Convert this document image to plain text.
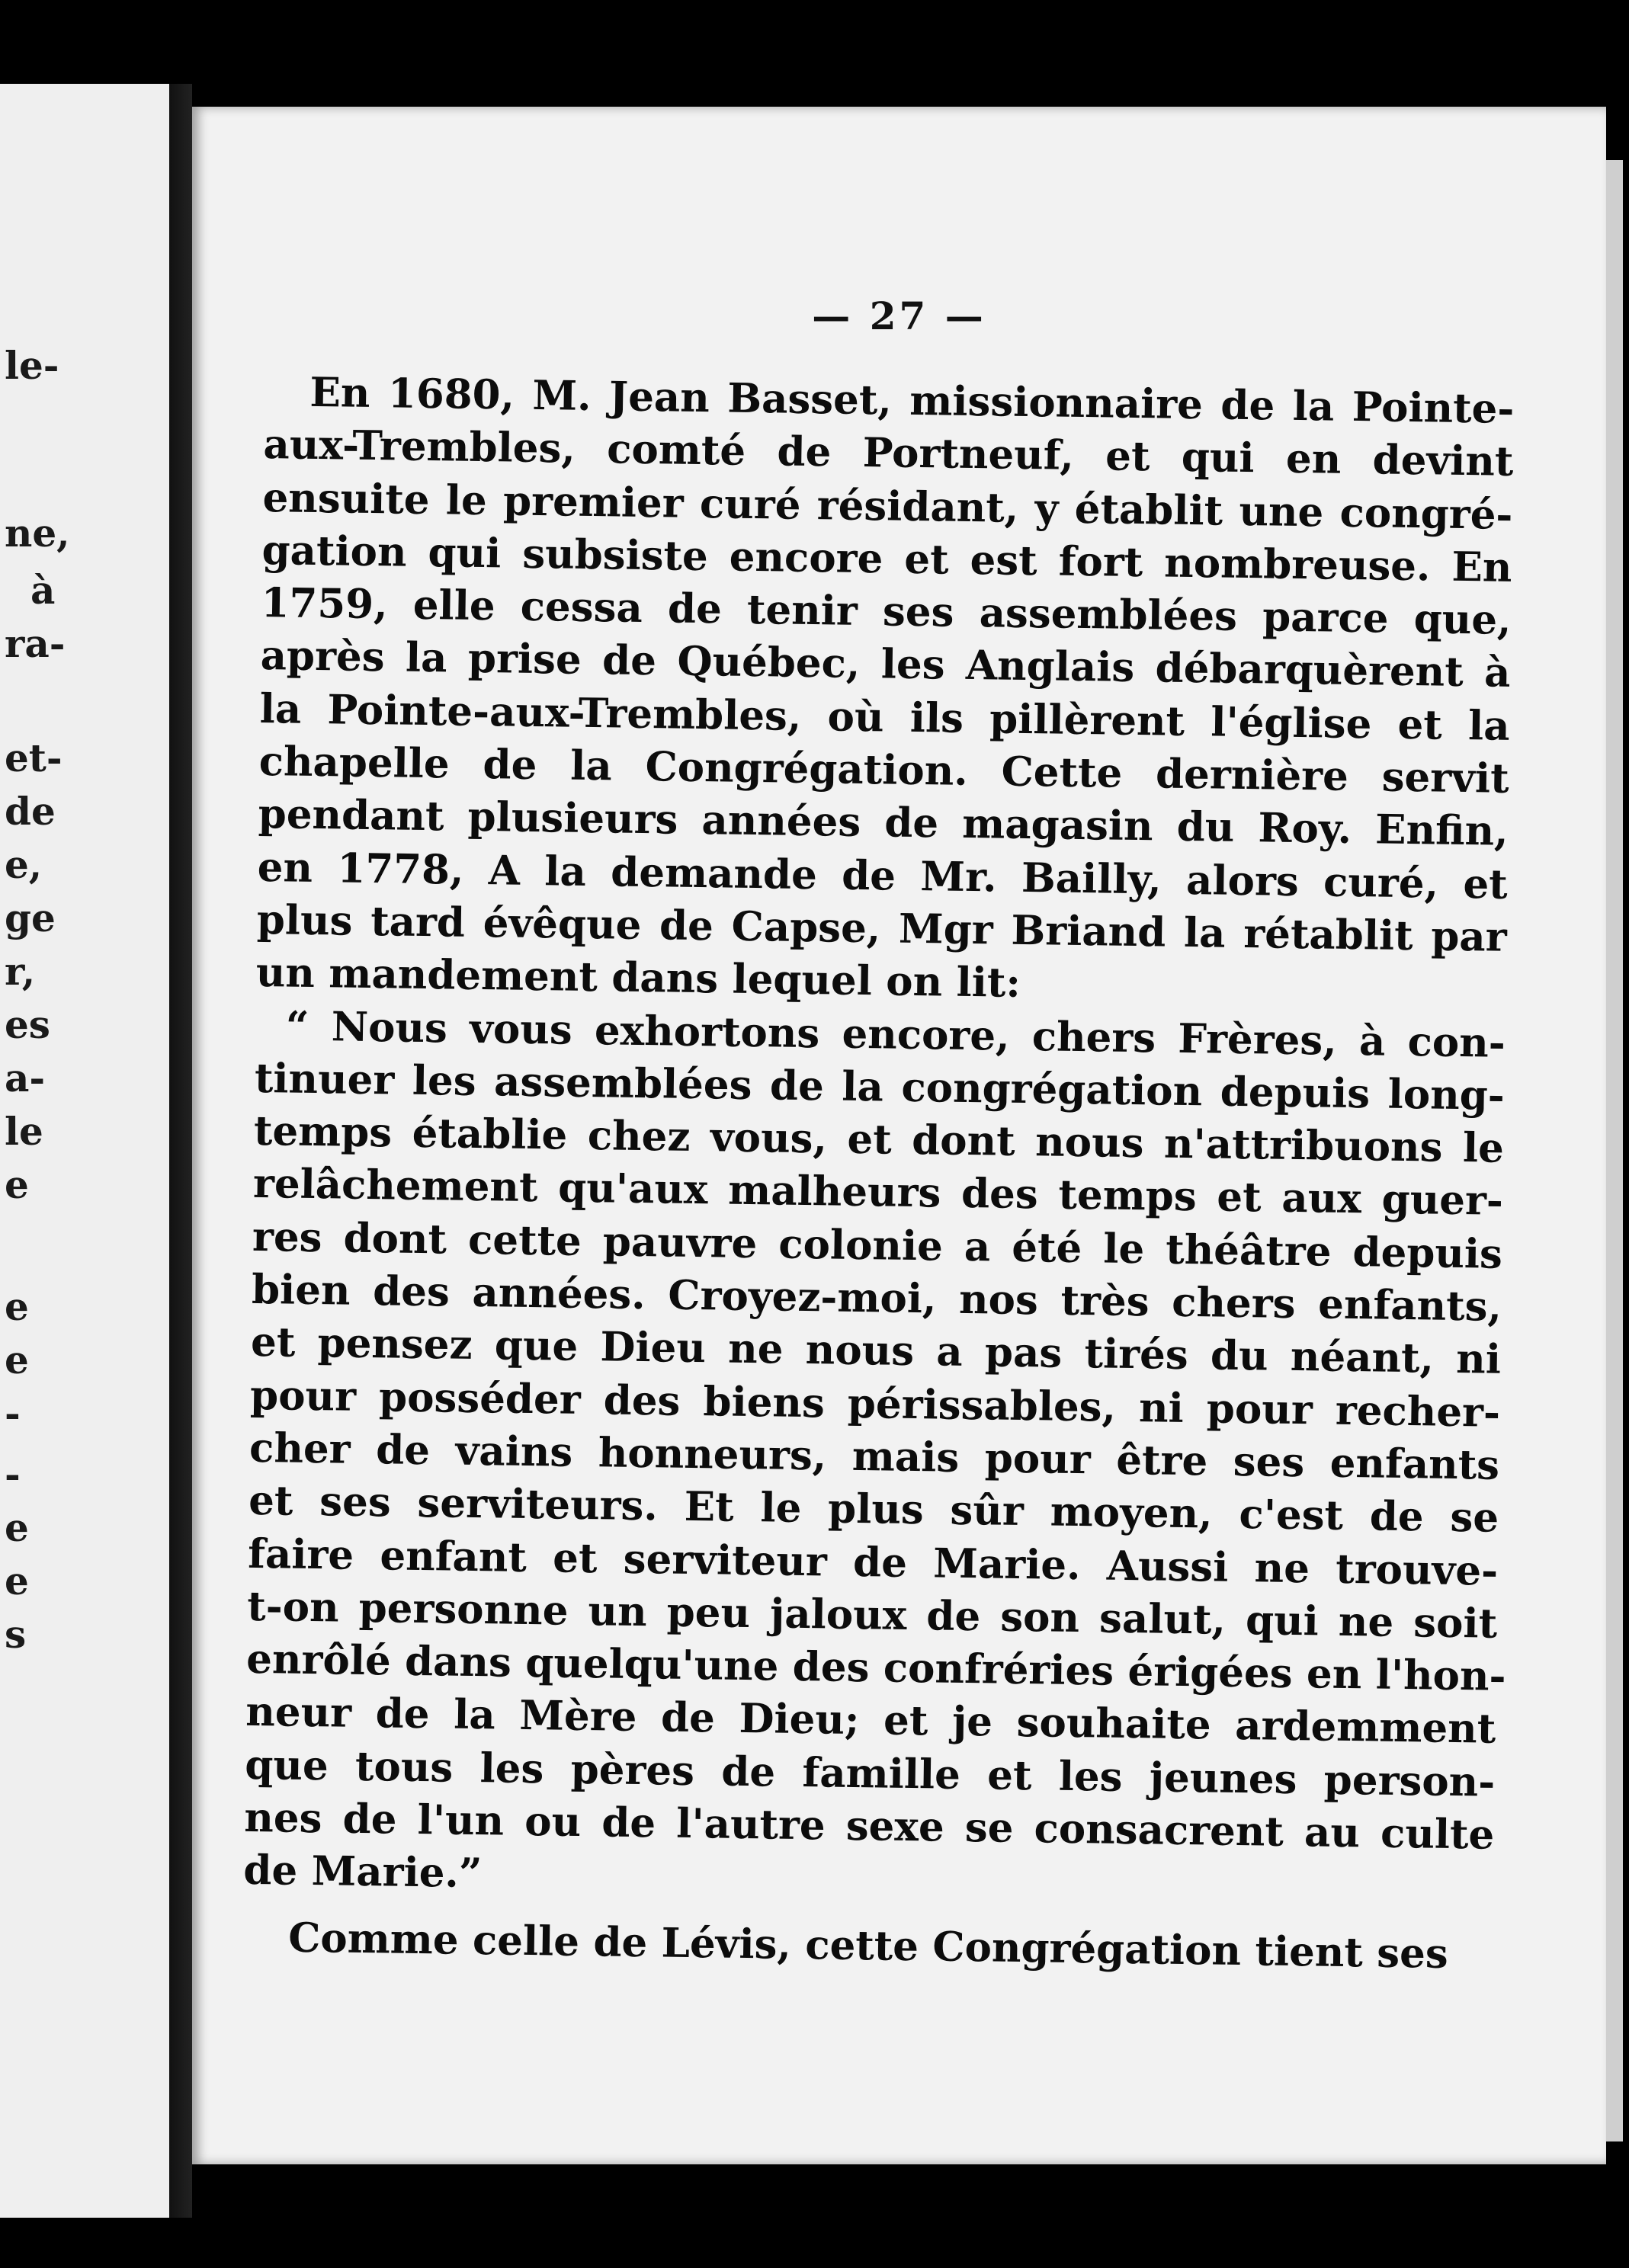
le-
ne,
à
ra-
et-
de
e,
ge
r,
es
a-
le
e
e
e
-
-
e
e
s
— 27 —
En 1680, M. Jean Basset, missionnaire de la Pointe-
aux-Trembles, comté de Portneuf, et qui en devint
ensuite le premier curé résidant, y établit une congré-
gation qui subsiste encore et est fort nombreuse. En
1759, elle cessa de tenir ses assemblées parce que,
après la prise de Québec, les Anglais débarquèrent à
la Pointe-aux-Trembles, où ils pillèrent l'église et la
chapelle de la Congrégation. Cette dernière servit
pendant plusieurs années de magasin du Roy. Enfin,
en 1778, A la demande de Mr. Bailly, alors curé, et
plus tard évêque de Capse, Mgr Briand la rétablit par
un mandement dans lequel on lit:
“ Nous vous exhortons encore, chers Frères, à con-
tinuer les assemblées de la congrégation depuis long-
temps établie chez vous, et dont nous n'attribuons le
relâchement qu'aux malheurs des temps et aux guer-
res dont cette pauvre colonie a été le théâtre depuis
bien des années. Croyez-moi, nos très chers enfants,
et pensez que Dieu ne nous a pas tirés du néant, ni
pour posséder des biens périssables, ni pour recher-
cher de vains honneurs, mais pour être ses enfants
et ses serviteurs. Et le plus sûr moyen, c'est de se
faire enfant et serviteur de Marie. Aussi ne trouve-
t-on personne un peu jaloux de son salut, qui ne soit
enrôlé dans quelqu'une des confréries érigées en l'hon-
neur de la Mère de Dieu; et je souhaite ardemment
que tous les pères de famille et les jeunes person-
nes de l'un ou de l'autre sexe se consacrent au culte
de Marie.”
Comme celle de Lévis, cette Congrégation tient ses
